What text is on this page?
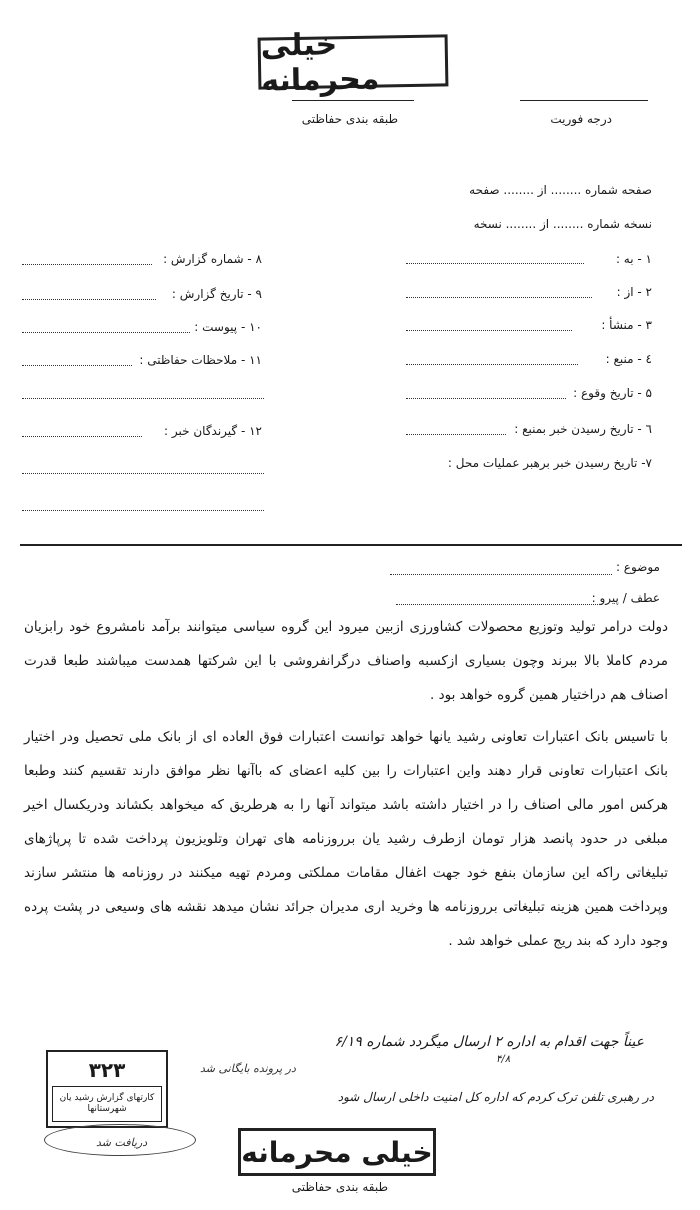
خیلی محرمانه
درجه فوریت
طبقه بندی حفاظتی
صفحه شماره ........ از ........ صفحه
نسخه شماره ........ از ........ نسخه
۱ - به :
۲ - از :
۳ - منشأ :
٤ - منبع :
۵ - تاریخ وقوع :
٦ - تاریخ رسیدن خبر بمنبع :
۷- تاریخ رسیدن خبر برهبر عملیات محل :
۸ - شماره گزارش :
۹ - تاریخ گزارش :
۱۰ - پیوست :
۱۱ - ملاحظات حفاظتی :
۱۲ - گیرندگان خبر :
موضوع :
عطف / پیرو :
دولت درامر تولید وتوزیع محصولات کشاورزی ازبین میرود این گروه سیاسی میتوانند برآمد نامشروع خود رابزیان مردم کاملا بالا ببرند وچون بسیاری ازکسبه واصناف درگرانفروشی با این شرکتها همدست میباشند طبعا قدرت اصناف هم دراختیار همین گروه خواهد بود .
با تاسیس بانک اعتبارات تعاونی رشید یانها خواهد توانست اعتبارات فوق العاده ای از بانک ملی تحصیل ودر اختیار بانک اعتبارات تعاونی قرار دهند واین اعتبارات را بین کلیه اعضای که باآنها نظر موافق دارند تقسیم کنند وطبعا هرکس امور مالی اصناف را در اختیار داشته باشد میتواند آنها را به هرطریق که میخواهد بکشاند ودریکسال اخیر مبلغی در حدود پانصد هزار تومان ازطرف رشید یان برروزنامه های تهران وتلویزیون پرداخت شده تا پرپاژهای تبلیغاتی راکه این سازمان بنفع خود جهت اغفال مقامات مملکتی ومردم تهیه میکنند در روزنامه ها منتشر سازند وپرداخت همین هزینه تبلیغاتی برروزنامه ها وخرید اری مدیران جرائد نشان میدهد نقشه های وسیعی در پشت پرده وجود دارد که بند ریج عملی خواهد شد .
عیناً جهت اقدام به اداره ۲ ارسال میگردد شماره ۶/۱۹
۴/۸
در پرونده بایگانی شد
در رهبری تلفن ترک کردم که اداره کل امنیت داخلی ارسال شود
دریافت شد
۳۲۳
کارتهای گزارش رشید یان شهرستانها
خیلی محرمانه
طبقه بندی حفاظتی
